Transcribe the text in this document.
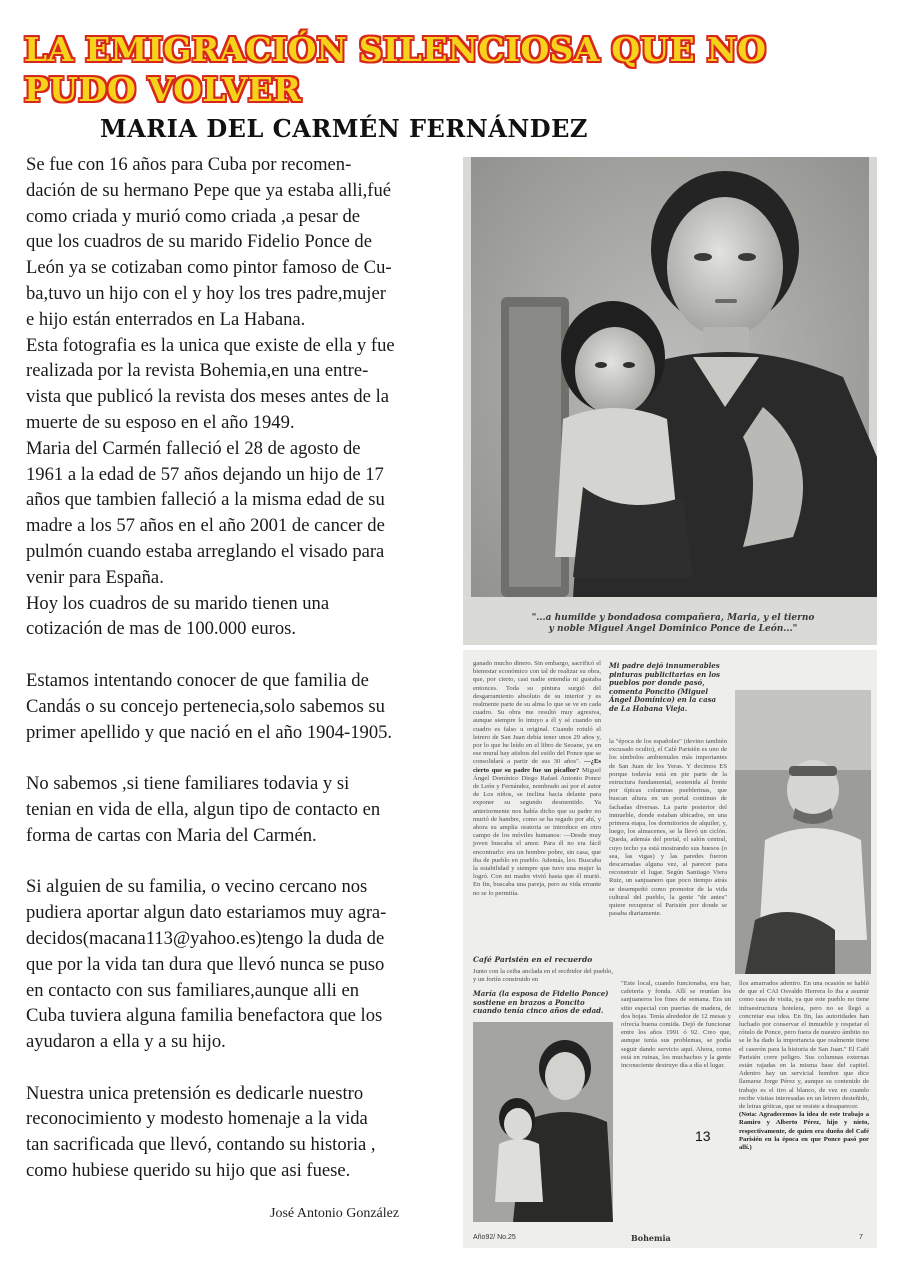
LA EMIGRACIÓN SILENCIOSA QUE NO
PUDO VOLVER
MARIA DEL CARMÉN FERNÁNDEZ

Se fue con 16 años para Cuba por recomen-

dación de su hermano Pepe que ya estaba alli,fué

como criada y murió como criada ,a pesar de

que los cuadros de su marido Fidelio Ponce de

León ya se cotizaban como pintor famoso de Cu-

ba,tuvo un hijo con el y hoy los tres padre,mujer

e hijo están enterrados en La Habana.

Esta fotografia es la unica que existe de ella y fue

realizada por la revista Bohemia,en una entre-

vista que publicó la revista dos meses antes de la

muerte de su esposo en el año 1949.

Maria del Carmén falleció el 28 de agosto de

1961 a la edad de 57 años dejando un hijo de 17

años que tambien falleció a la misma edad de su

madre a los 57 años en el año 2001 de cancer de

pulmón cuando estaba arreglando el visado para

venir para España.

Hoy los cuadros de su marido tienen una

cotización de mas de 100.000 euros.

Estamos intentando conocer de que familia de

Candás o su concejo pertenecia,solo sabemos su

primer apellido y que nació en el año 1904-1905.

No sabemos ,si tiene familiares todavia y si

tenian en vida de ella, algun tipo de contacto en

forma de cartas con Maria del Carmén.

Si alguien de su familia, o vecino cercano nos

pudiera aportar algun dato estariamos muy agra-

decidos(macana113@yahoo.es)tengo la duda de

que por la vida tan dura que llevó nunca se puso

en contacto con sus familiares,aunque alli en

Cuba tuviera alguna familia benefactora que los

ayudaron a ella y a su hijo.

Nuestra unica pretensión es dedicarle nuestro

reconocimiento y modesto homenaje a la vida

tan sacrificada que llevó, contando su historia ,

como hubiese querido su hijo que asi fuese.

"...a humilde y bondadosa compañera, Maria, y el tierno
y noble Miguel Angel Dominico Ponce de León..."
ganado mucho dinero. Sin embargo, sacrificó el bienestar económico con tal de realizar su obra, que, por cierto, casi nadie entendía ni gustaba entonces. Toda su pintura surgió del desgarramiento absoluto de su interior y es realmente parte de su alma lo que se ve en cada cuadro. Su obra me resultó muy agresiva, aunque siempre lo intuyo a él y sé cuando un cuadro es falso u original. Cuando rotuló el letrero de San Juan debía tener unos 29 años y, por lo que he leído en el libro de Seoane, ya en ese mural hay atisbos del estilo del Ponce que se consolidará a partir de sus 30 años". —¿Es cierto que su padre fue un picaflor? Miguel Ángel Domínico Diego Rafael Antonio Ponce de León y Fernández, nombrado así por el autor de Los niños, se inclina hacia delante para exponer su segundo desmentido. Ya anteriormente nos había dicho que su padre no murió de hambre, como se ha regado por ahí, y ahora su amplia oratoria se introduce en otro campo de los móviles humanos: —Desde muy joven buscaba el amor. Para él no era fácil encontrarlo: era un hombre pobre, sin casa, que iba de pueblo en pueblo. Además, leo. Buscaba la estabilidad y siempre que tuvo una mujer la logró. Con mi madre vivió hasta que él murió. En fin, buscaba una pareja, pero su vida errante no se lo permitía.
Mi padre dejó innumerables pinturas publicitarias en los pueblos por donde pasó, comenta Poncito (Miguel Ángel Domínico) en la casa de La Habana Vieja.
la "época de los españoles" (devino también excusado oculto), el Café Parisién es uno de los símbolos ambientales más importantes de San Juan de los Yeras. Y decimos ES porque todavía está en pie parte de la estructura fundamental, sostenida al frente por típicas columnas pueblerinas, que buscan altura en un portal continuo de fachadas diversas. La parte posterior del inmueble, donde estaban ubicados, en una primera etapa, los dormitorios de alquiler, y, luego, los almacenes, se la llevó un ciclón. Queda, además del portal, el salón central, cuyo techo ya está mostrando sus huesos (o sea, las vigas) y las paredes fueron descarnadas alguna vez, al parecer para reconstruir el lugar. Según Santiago Viera Ruiz, un sanjuanero que poco tiempo atrás se desempeñó como promotor de la vida cultural del pueblo, la gente "de antes" quiere recuperar el Parisién por donde se pasaba diariamente.
Café Parisién en el recuerdo
Junto con la ceiba anclada en el recibidor del pueblo, y un fortín construido en
María (la esposa de Fidelio Ponce) sostiene en brazos a Poncito cuando tenía cinco años de edad.
"Este local, cuando funcionaba, era bar, cafetería y fonda. Allí se reunían los sanjuaneros los fines de semana. Era un sitio especial con puertas de madera, de dos hojas. Tenía alrededor de 12 mesas y ofrecía buena comida. Dejó de funcionar entre los años 1991 ó 92. Creo que, aunque tenía sus problemas, se podía seguir dando servicio aquí. Ahora, como está en ruinas, los muchachos y la gente inconsciente destruye día a día el lugar.
llos amarrados adentro. En una ocasión se habló de que el CAI Osvaldo Herrera lo iba a asumir como casa de visita, ya que este pueblo no tiene infraestructura hotelera, pero no se llegó a concretar esa idea. En fin, las autoridades han luchado por conservar el inmueble y respetar el rótulo de Ponce, pero fuera de nuestro ámbito no se le ha dado la importancia que realmente tiene el caserón para la historia de San Juan." El Café Parisién corre peligro. Sus columnas externas están rajadas en la misma base del capitel. Adentro hay un servicial hombre que dice llamarse Jorge Pérez y, aunque su contenido de trabajo es el tiro al blanco, de vez en cuando recibe visitas interesadas en un letrero desteñido, de letras góticas, que se resiste a desaparecer.
(Nota: Agradecemos la idea de este trabajo a Ramiro y Alberto Pérez, hijo y nieto, respectivamente, de quien era dueño del Café Parisién en la época en que Ponce pasó por allí.)
Año92/ No.25	Bohemia	7
13
José Antonio González
